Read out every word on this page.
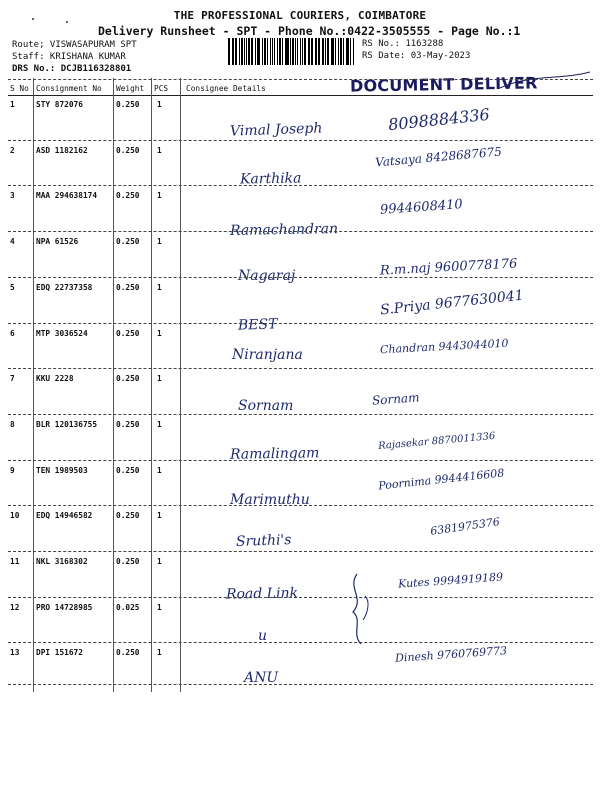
THE PROFESSIONAL COURIERS, COIMBATORE
Delivery Runsheet - SPT - Phone No.:0422-3505555 - Page No.:1
Route; VISWASAPURAM SPT
Staff: KRISHANA KUMAR
DRS No.: DCJB116328801
RS No.: 1163288
RS Date: 03-May-2023
DOCUMENT DELIVER
S No Consignment No Weight PCS Consignee Details
1	STY 872076	0.250 1
Vimal Joseph	8098884336
2	ASD 1182162	0.250 1
Karthika
Vatsaya 8428687675
3	MAA 294638174 0.250 1
Ramachandran
9944608410
4	NPA 61526	0.250 1
Nagaraj	R.m.naj 9600778176
5	EDQ 22737358	0.250 1
BEST
S.Priya 9677630041
6	MTP 3036524	0.250 1
Niranjana	Chandran 9443044010
7	KKU 2228	0.250 1
Sornam	Sornam
8	BLR 120136755 0.250 1
Ramalingam
Rajasekar 8870011336
9	TEN 1989503	0.250 1
Marimuthu
Poornima 9944416608
10 EDQ 14946582	0.250 1
Sruthi's
6381975376
11 NKL 3168302	0.250 1
Road Link
Kutes 9994919189
12 PRO 14728985	0.025 1
u
13 DPI 151672	0.250 1
ANU
Dinesh 9760769773
